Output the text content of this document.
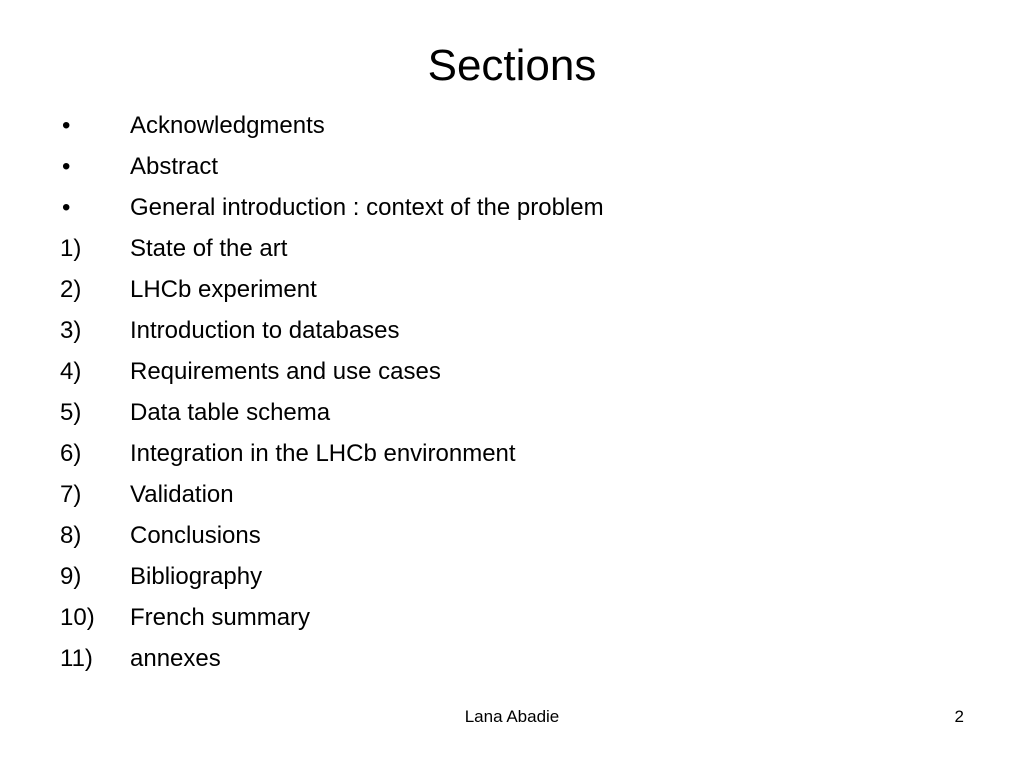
Sections
•	Acknowledgments
•	Abstract
•	General introduction : context of the problem
1)	State of the art
2)	LHCb experiment
3)	Introduction to databases
4)	Requirements and use cases
5)	Data table schema
6)	Integration in the LHCb environment
7)	Validation
8)	Conclusions
9)	Bibliography
10)	French summary
11)	annexes
Lana Abadie	2
